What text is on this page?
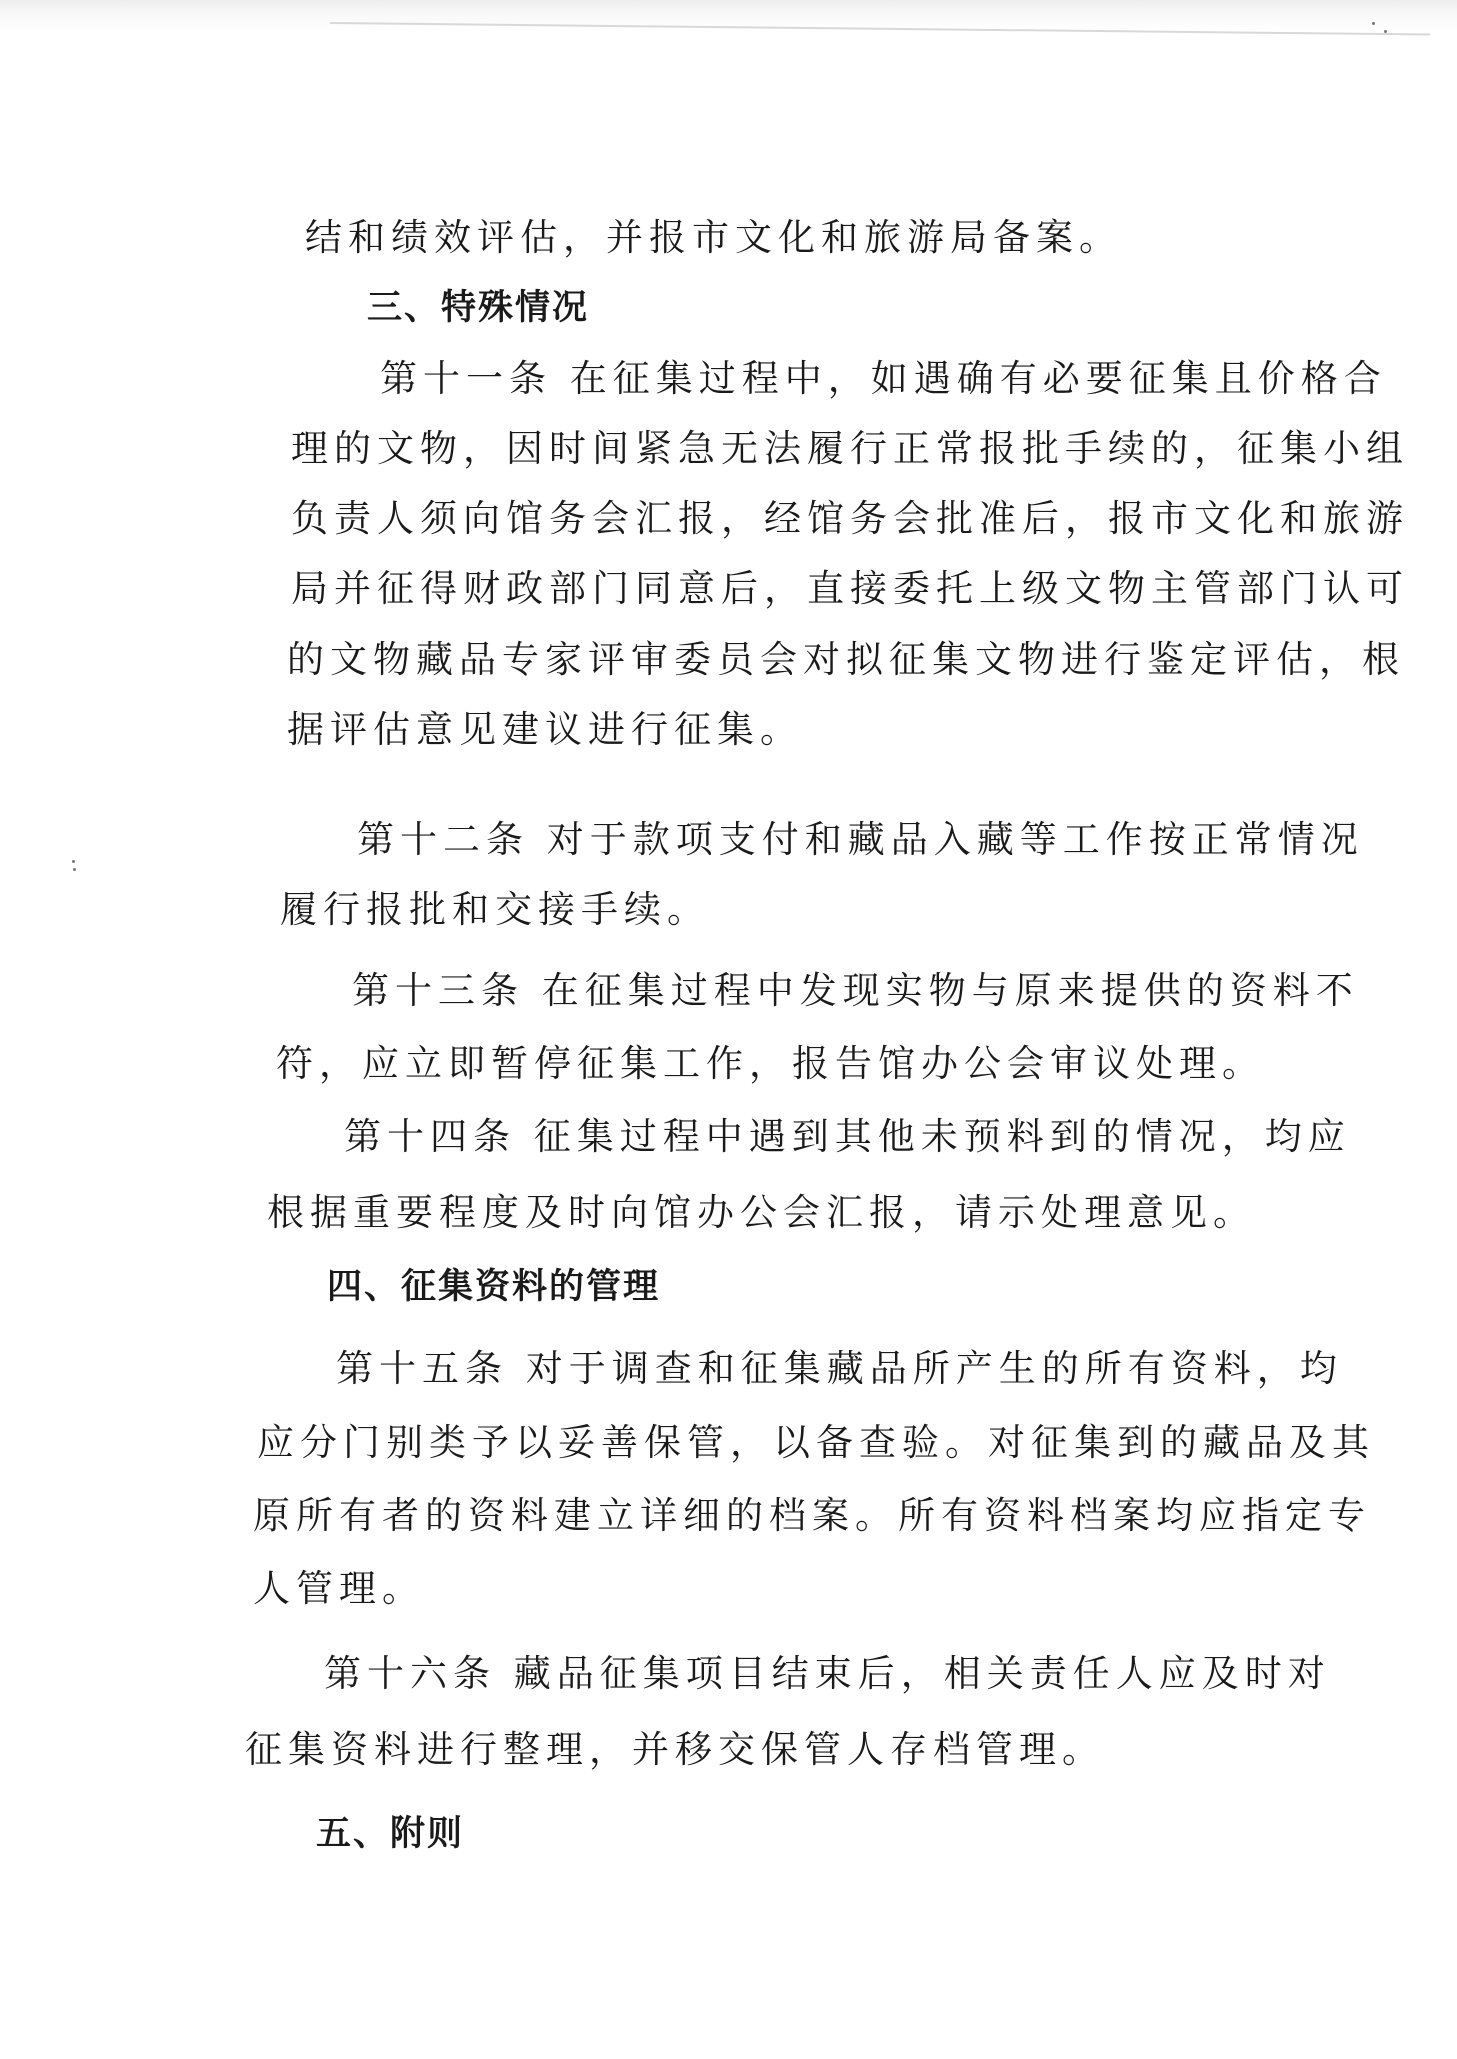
结和绩效评估，并报市文化和旅游局备案。
三、特殊情况
第十一条 在征集过程中，如遇确有必要征集且价格合
理的文物，因时间紧急无法履行正常报批手续的，征集小组
负责人须向馆务会汇报，经馆务会批准后，报市文化和旅游
局并征得财政部门同意后，直接委托上级文物主管部门认可
的文物藏品专家评审委员会对拟征集文物进行鉴定评估，根
据评估意见建议进行征集。
第十二条 对于款项支付和藏品入藏等工作按正常情况
履行报批和交接手续。
第十三条 在征集过程中发现实物与原来提供的资料不
符，应立即暂停征集工作，报告馆办公会审议处理。
第十四条 征集过程中遇到其他未预料到的情况，均应
根据重要程度及时向馆办公会汇报，请示处理意见。
四、征集资料的管理
第十五条 对于调查和征集藏品所产生的所有资料，均
应分门别类予以妥善保管，以备查验。对征集到的藏品及其
原所有者的资料建立详细的档案。所有资料档案均应指定专
人管理。
第十六条 藏品征集项目结束后，相关责任人应及时对
征集资料进行整理，并移交保管人存档管理。
五、附则
